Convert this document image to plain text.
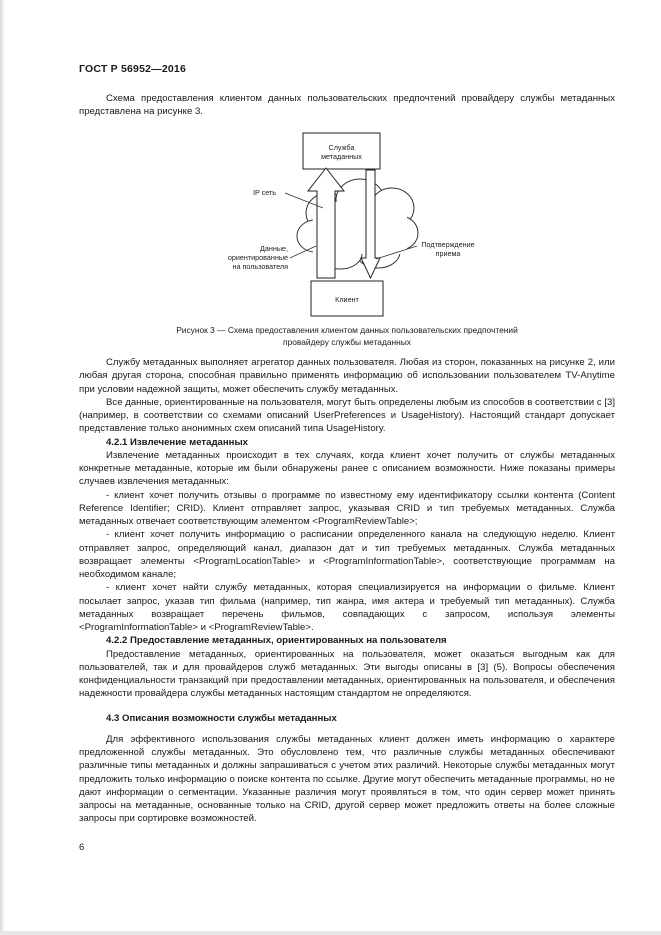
ГОСТ Р 56952—2016

Схема предоставления клиентом данных пользовательских предпочтений провайдеру службы метаданных представлена на рисунке 3.

Служба метаданных
Клиент
IP сеть
Данные,
ориентированные
на пользователя
Подтверждение
приема
Рисунок 3 — Схема предоставления клиентом данных пользовательских предпочтений
провайдеру службы метаданных

Службу метаданных выполняет агрегатор данных пользователя. Любая из сторон, показанных на рисунке 2, или любая другая сторона, способная правильно применять информацию об использовании пользователем TV-Anytime при условии надежной защиты, может обеспечить службу метаданных.

Все данные, ориентированные на пользователя, могут быть определены любым из способов в соответствии с [3] (например, в соответствии со схемами описаний UserPreferences и UsageHistory). Настоящий стандарт допускает представление только анонимных схем описаний типа UsageHistory.

4.2.1 Извлечение метаданных

Извлечение метаданных происходит в тех случаях, когда клиент хочет получить от службы метаданных конкретные метаданные, которые им были обнаружены ранее с описанием возможности. Ниже показаны примеры случаев извлечения метаданных:

- клиент хочет получить отзывы о программе по известному ему идентификатору ссылки контента (Content Reference Identifier; CRID). Клиент отправляет запрос, указывая CRID и тип требуемых метаданных. Служба метаданных отвечает соответствующим элементом <ProgramReviewTable>;

- клиент хочет получить информацию о расписании определенного канала на следующую неделю. Клиент отправляет запрос, определяющий канал, диапазон дат и тип требуемых метаданных. Служба метаданных возвращает элементы <ProgramLocationTable> и <ProgramInformationTable>, соответствующие программам на необходимом канале;

- клиент хочет найти службу метаданных, которая специализируется на информации о фильме. Клиент посылает запрос, указав тип фильма (например, тип жанра, имя актера и требуемый тип метаданных). Служба метаданных возвращает перечень фильмов, совпадающих с запросом, используя элементы <ProgramInformationTable> и <ProgramReviewTable>.

4.2.2 Предоставление метаданных, ориентированных на пользователя

Предоставление метаданных, ориентированных на пользователя, может оказаться выгодным как для пользователей, так и для провайдеров служб метаданных. Эти выгоды описаны в [3] (5). Вопросы обеспечения конфиденциальности транзакций при предоставлении метаданных, ориентированных на пользователя, и обеспечения надежности провайдера службы метаданных настоящим стандартом не определяются.

4.3 Описания возможности службы метаданных

Для эффективного использования службы метаданных клиент должен иметь информацию о характере предложенной службы метаданных. Это обусловлено тем, что различные службы метаданных обеспечивают различные типы метаданных и должны запрашиваться с учетом этих различий. Некоторые службы метаданных могут предложить только информацию о поиске контента по ссылке. Другие могут обеспечить метаданные программы, но не дают информации о сегментации. Указанные различия могут проявляться в том, что один сервер может принять запросы на метаданные, основанные только на CRID, другой сервер может предложить ответы на более сложные запросы при сортировке возможностей.

6
